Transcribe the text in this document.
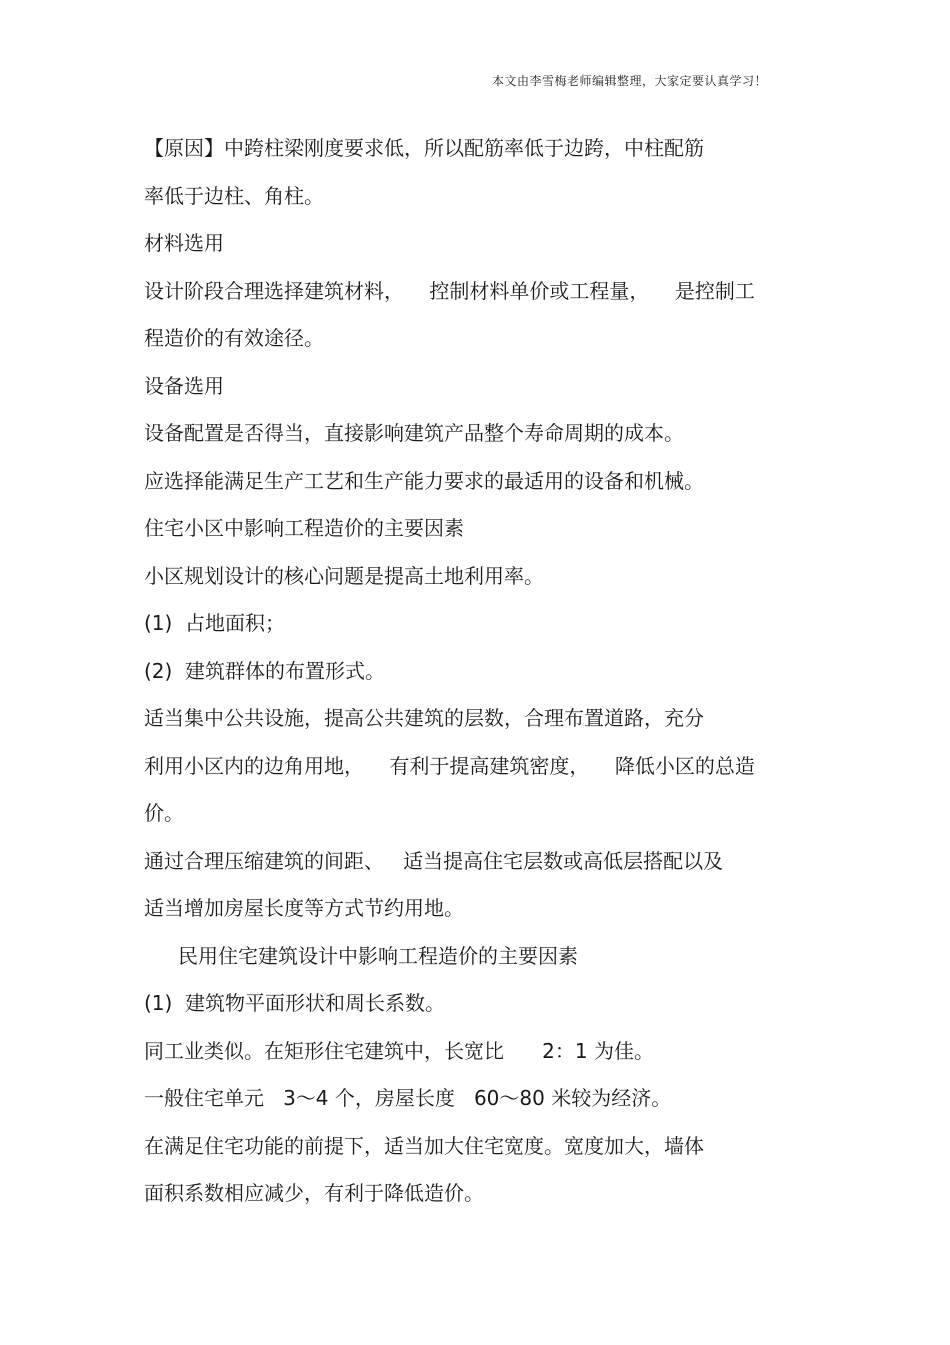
本文由李雪梅老师编辑整理，大家定要认真学习！
【原因】中跨柱梁刚度要求低，所以配筋率低于边跨，中柱配筋
率低于边柱、角柱。
材料选用
设计阶段合理选择建筑材料，    控制材料单价或工程量，    是控制工
程造价的有效途径。
设备选用
设备配置是否得当，直接影响建筑产品整个寿命周期的成本。
应选择能满足生产工艺和生产能力要求的最适用的设备和机械。
住宅小区中影响工程造价的主要因素
小区规划设计的核心问题是提高土地利用率。
(1)  占地面积；
(2)  建筑群体的布置形式。
适当集中公共设施，提高公共建筑的层数，合理布置道路，充分
利用小区内的边角用地，    有利于提高建筑密度，    降低小区的总造
价。
通过合理压缩建筑的间距、   适当提高住宅层数或高低层搭配以及
适当增加房屋长度等方式节约用地。
民用住宅建筑设计中影响工程造价的主要因素
(1)  建筑物平面形状和周长系数。
同工业类似。在矩形住宅建筑中，长宽比      2：1 为佳。
一般住宅单元   3～4 个，房屋长度   60～80 米较为经济。
在满足住宅功能的前提下，适当加大住宅宽度。宽度加大，墙体
面积系数相应减少，有利于降低造价。
